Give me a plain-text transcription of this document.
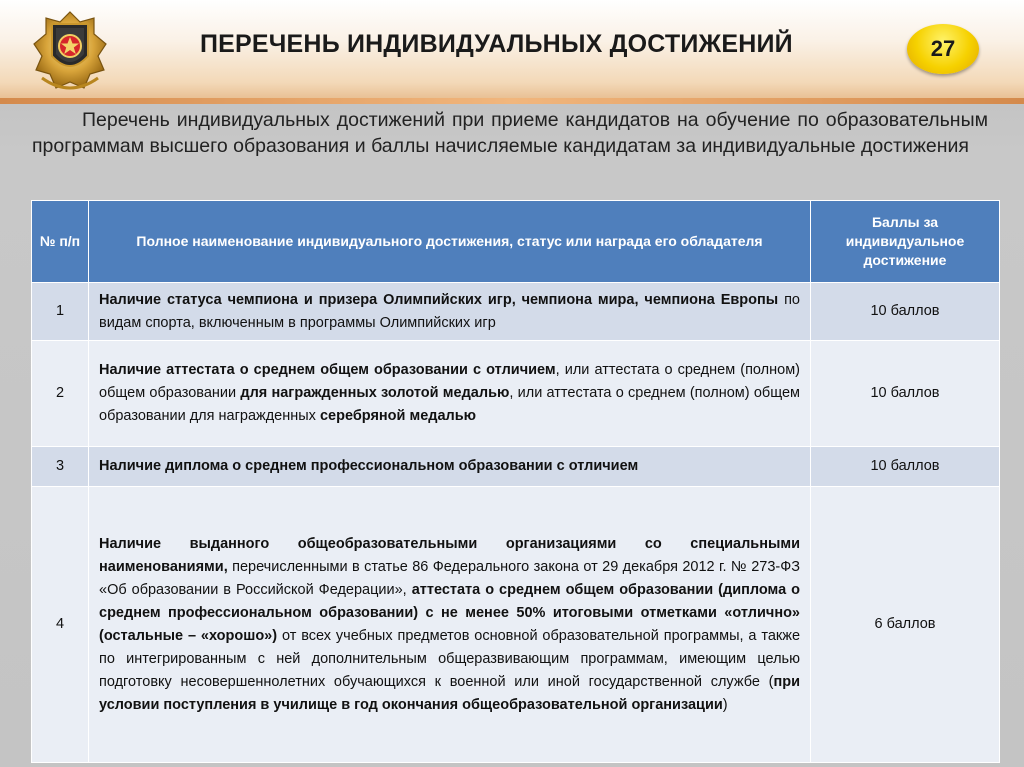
ПЕРЕЧЕНЬ ИНДИВИДУАЛЬНЫХ ДОСТИЖЕНИЙ	27
Перечень индивидуальных достижений при приеме кандидатов на обучение по образовательным программам высшего образования и баллы начисляемые кандидатам за индивидуальные достижения
№ п/п	Полное наименование индивидуального достижения, статус или награда его обладателя	Баллы за индивидуальное достижение
1	Наличие статуса чемпиона и призера Олимпийских игр, чемпиона мира, чемпиона Европы по видам спорта, включенным в программы Олимпийских игр	10 баллов
2	Наличие аттестата о среднем общем образовании с отличием, или аттестата о среднем (полном) общем образовании для награжденных золотой медалью, или аттестата о среднем (полном) общем образовании для награжденных серебряной медалью	10 баллов
3	Наличие диплома о среднем профессиональном образовании с отличием	10 баллов
4	Наличие выданного общеобразовательными организациями со специальными наименованиями, перечисленными в статье 86 Федерального закона от 29 декабря 2012 г. № 273-ФЗ «Об образовании в Российской Федерации», аттестата о среднем общем образовании (диплома о среднем профессиональном образовании) с не менее 50% итоговыми отметками «отлично» (остальные – «хорошо») от всех учебных предметов основной образовательной программы, а также по интегрированным с ней дополнительным общеразвивающим программам, имеющим целью подготовку несовершеннолетних обучающихся к военной или иной государственной службе (при условии поступления в училище в год окончания общеобразовательной организации)	6 баллов
